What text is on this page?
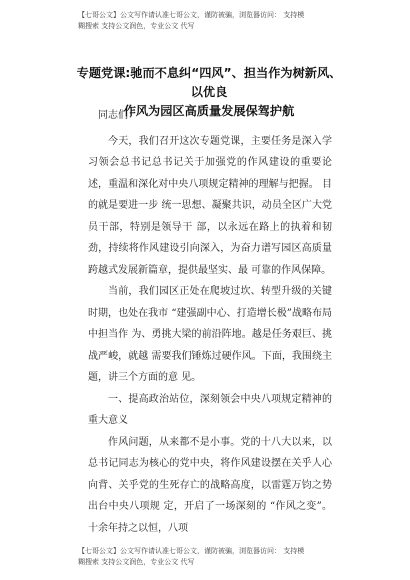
【七哥公文】公文写作请认准七哥公文，谨防被骗，浏览器访问： 支持模
糊搜索 支持公文润色，专业公文 代写
专题党课:驰而不息纠“四风”、担当作为树新风、以优良
作风为园区高质量发展保驾护航

同志们：

今天，我们召开这次专题党课，主要任务是深入学习领会总书记总书记关于加强党的作风建设的重要论述，重温和深化对中央八项规定精神的理解与把握。 目的就是要进一步 统一思想、凝聚共识，动员全区广大党员干部，特别是领导干 部，以永远在路上的执着和韧劲，持续将作风建设引向深入，为奋力谱写园区高质量跨越式发展新篇章，提供最坚实、最 可靠的作风保障。

当前，我们园区正处在爬坡过坎、转型升级的关键时期，也处在我市 “建强副中心、打造增长极”战略布局中担当作 为、勇挑大梁的前沿阵地。越是任务艰巨、挑战严峻，就越 需要我们锤炼过硬作风。下面，我围绕主题，讲三个方面的意 见。

一、提高政治站位，深刻领会中央八项规定精神的重大意义

作风问题，从来都不是小事。党的十八大以来，以总书记同志为核心的党中央，将作风建设摆在关乎人心向背、关乎党的生死存亡的战略高度，以雷霆万钧之势出台中央八项规 定，开启了一场深刻的 “作风之变”。十余年持之以恒，八项

【七哥公文】公文写作请认准七哥公文，谨防被骗，浏览器访问： 支持模
糊搜索 支持公文润色，专业公文 代写
